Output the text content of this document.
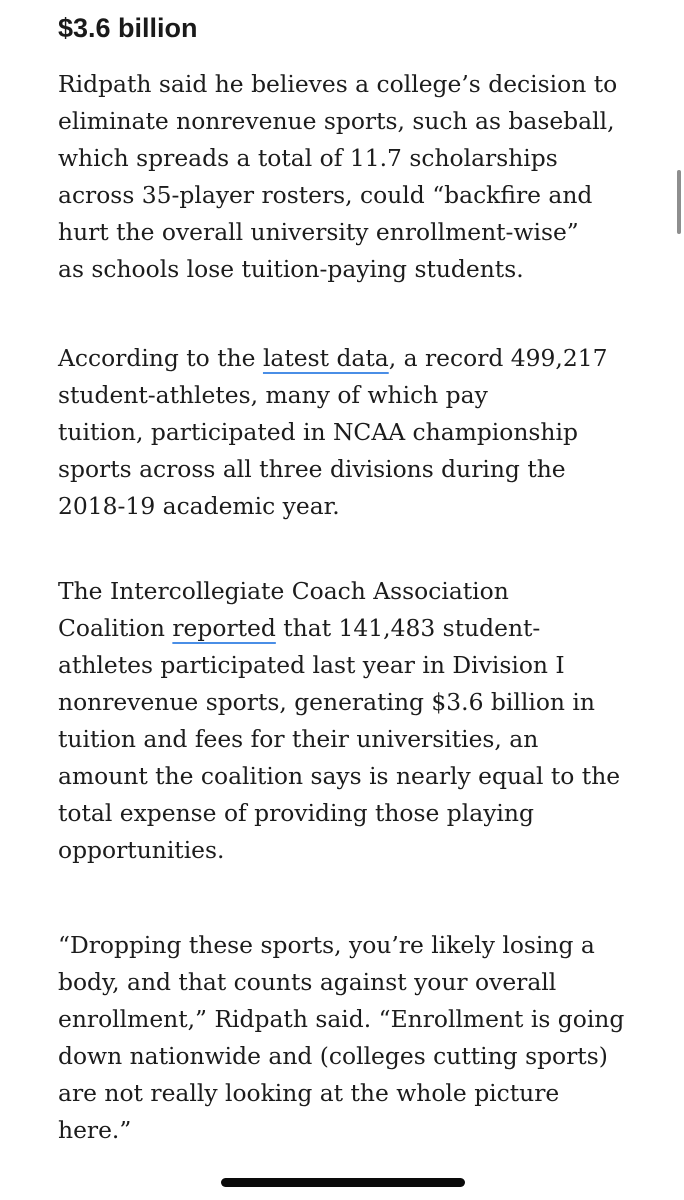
$3.6 billion

Ridpath said he believes a college’s decision to
eliminate nonrevenue sports, such as baseball,
which spreads a total of 11.7 scholarships
across 35-player rosters, could “backfire and
hurt the overall university enrollment-wise”
as schools lose tuition-paying students.

According to the latest data, a record 499,217
student-athletes, many of which pay
tuition, participated in NCAA championship
sports across all three divisions during the
2018-19 academic year.

The Intercollegiate Coach Association
Coalition reported that 141,483 student-
athletes participated last year in Division I
nonrevenue sports, generating $3.6 billion in
tuition and fees for their universities, an
amount the coalition says is nearly equal to the
total expense of providing those playing
opportunities.

“Dropping these sports, you’re likely losing a
body, and that counts against your overall
enrollment,” Ridpath said. “Enrollment is going
down nationwide and (colleges cutting sports)
are not really looking at the whole picture
here.”
